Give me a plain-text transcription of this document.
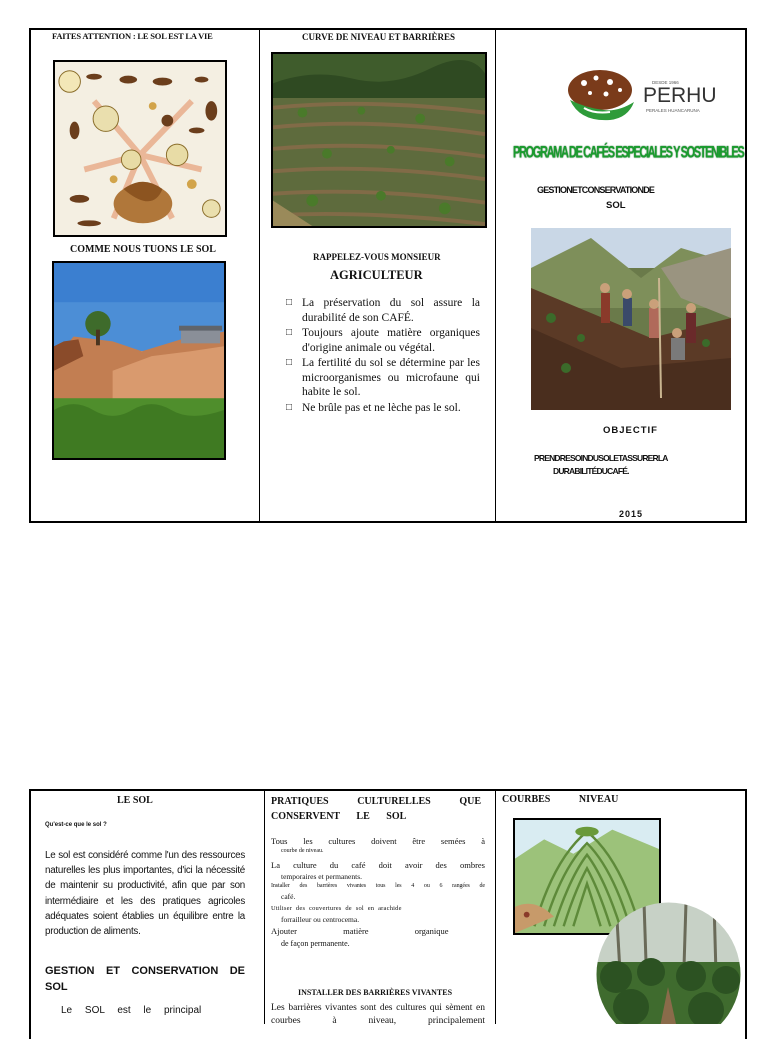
FAITES ATTENTION : LE SOL EST LA VIE

COMME NOUS TUONS LE SOL

CURVE DE NIVEAU ET BARRIÈRES

RAPPELEZ-VOUS MONSIEUR

AGRICULTEUR

□ La préservation du sol assure la durabilité de son CAFÉ.
□ Toujours ajoute matière organiques d'origine animale ou végétal.
□ La fertilité du sol se détermine par les microorganismes ou microfaune qui habite le sol.
□ Ne brûle pas et ne lèche pas le sol.
DESDE 1966
PERHU
PERALES HUANCARUNA

PROGRAMA DE CAFÉS ESPECIALES Y SOSTENIBLES

GESTIONETCONSERVATIONDE

SOL

OBJECTIF

PRENDRESOINDUSOLETASSURERLA

DURABILITÉDUCAFÉ.

2015

LE SOL

Qu'est-ce que le sol ?

Le sol est considéré comme l'un des ressources naturelles les plus importantes, d'ici la nécessité de maintenir su productivité, afin que par son intermédiaire et les des pratiques agricoles adéquates soient établies un équilibre entre la production de aliments.

GESTION ET CONSERVATION DE SOL

Le SOL est le principal

PRATIQUES CULTURELLES QUE CONSERVENT LE SOL

Tous les cultures doivent être semées à
courbe de niveau.
La culture du café doit avoir des ombres
temporaires et permanents.
Installer des barrières vivantes tous les 4 ou 6 rangées de
café.
Utiliser des couvertures de sol en arachide
forrailleur ou centrocema.
Ajouter matière organique
de façon permanente.

INSTALLER DES BARRIÈRES VIVANTES

Les barrières vivantes sont des cultures qui sèment en courbes à niveau, principalement

COURBES NIVEAU
